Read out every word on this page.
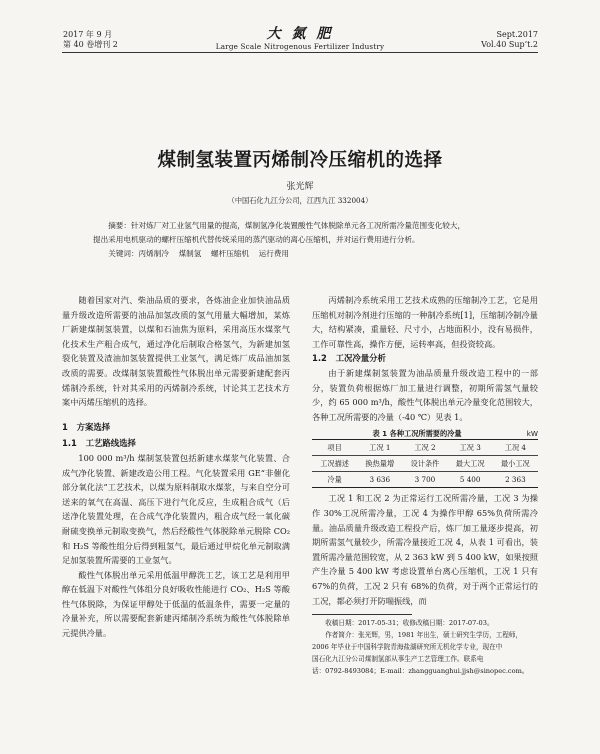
2017 年 9 月
第 40 卷增刊 2
大 氮 肥
Large Scale Nitrogenous Fertilizer Industry
Sept.2017
Vol.40 Sup’t.2
煤制氢装置丙烯制冷压缩机的选择
张光辉
（中国石化九江分公司，江西九江 332004）
摘要：针对炼厂对工业氢气用量的提高，煤制氢净化装置酸性气体脱除单元各工况所需冷量范围变化较大，
提出采用电机驱动的螺杆压缩机代替传统采用的蒸汽驱动的离心压缩机，并对运行费用进行分析。
关键词：丙烯制冷    煤制氢    螺杆压缩机    运行费用

随着国家对汽、柴油品质的要求，各炼油企业加快油品质量升级改造所需要的油品加氢改质的氢气用量大幅增加，某炼厂新建煤制氢装置，以煤和石油焦为原料，采用高压水煤浆气化技术生产粗合成气，通过净化后制取合格氢气，为新建加氢裂化装置及渣油加氢装置提供工业氢气，满足炼厂成品油加氢改质的需要。改煤制氢装置酸性气体脱出单元需要新建配套丙烯制冷系统，针对其采用的丙烯制冷系统，讨论其工艺技术方案中丙烯压缩机的选择。

1   方案选择

1.1   工艺路线选择

100 000 m³/h 煤制氢装置包括新建水煤浆气化装置、合成气净化装置、新建改造公用工程。气化装置采用 GE“非催化部分氧化法”工艺技术，以煤为原料制取水煤浆，与来自空分可送来的氧气在高温、高压下进行气化反应，生成粗合成气（后送净化装置处理，在合成气净化装置内，粗合成气经一氧化碳耐硫变换单元制取变换气，然后经酸性气体脱除单元脱除 CO₂ 和 H₂S 等酸性组分后得到粗氢气，最后通过甲烷化单元制取满足加氢装置所需要的工业氢气。

酸性气体脱出单元采用低温甲醇洗工艺，该工艺是利用甲醇在低温下对酸性气体组分良好吸收性能进行 CO₂、H₂S 等酸性气体脱除，为保证甲醇处于低温的低温条件，需要一定量的冷量补充，所以需要配套新建丙烯制冷系统为酸性气体脱除单元提供冷量。

丙烯制冷系统采用工艺技术成熟的压缩制冷工艺，它是用压缩机对制冷剂进行压缩的一种制冷系统[1]，压缩制冷制冷量大，结构紧凑，重量轻、尺寸小，占地面积小，没有易损件，工作可靠性高，操作方便，运转率高，但投资较高。

1.2   工况冷量分析

由于新建煤制氢装置为油品质量升级改造工程中的一部分，装置负荷根据炼厂加工量进行调整，初期所需氢气量较少，约 65 000 m³/h，酸性气体脱出单元冷量变化范围较大，各种工况所需要的冷量（-40 ℃）见表 1。

表 1 各种工况所需要的冷量	kW
项目	工况 1	工况 2	工况 3	工况 4
工况描述	换热量增	设计条件	最大工况	最小工况
冷量	3 636	3 700	5 400	2 363

工况 1 和工况 2 为正常运行工况所需冷量，工况 3 为操作 30%工况所需冷量，工况 4 为操作甲醇 65%负荷所需冷量。油品质量升级改造工程投产后，炼厂加工量逐步提高，初期所需氢气量较少，所需冷量接近工况 4，从表 1 可看出，装置所需冷量范围较宽，从 2 363 kW 到 5 400 kW，如果按照产生冷量 5 400 kW 考虑设置单台离心压缩机，工况 1 只有 67%的负荷，工况 2 只有 68%的负荷，对于两个正常运行的工况，都必须打开防喘振线，而

收稿日期：2017-05-31；收修改稿日期：2017-07-03。
作者简介：张光辉，男，1981 年出生，硕士研究生学历，工程师，
2006 年毕业于中国科学院青海盐湖研究所无机化学专业，现在中
国石化九江分公司煤制氢部从事生产工艺管理工作。联系电
话：0792-8493084；E-mail：zhangguanghui.jjsh@sinopec.com。
